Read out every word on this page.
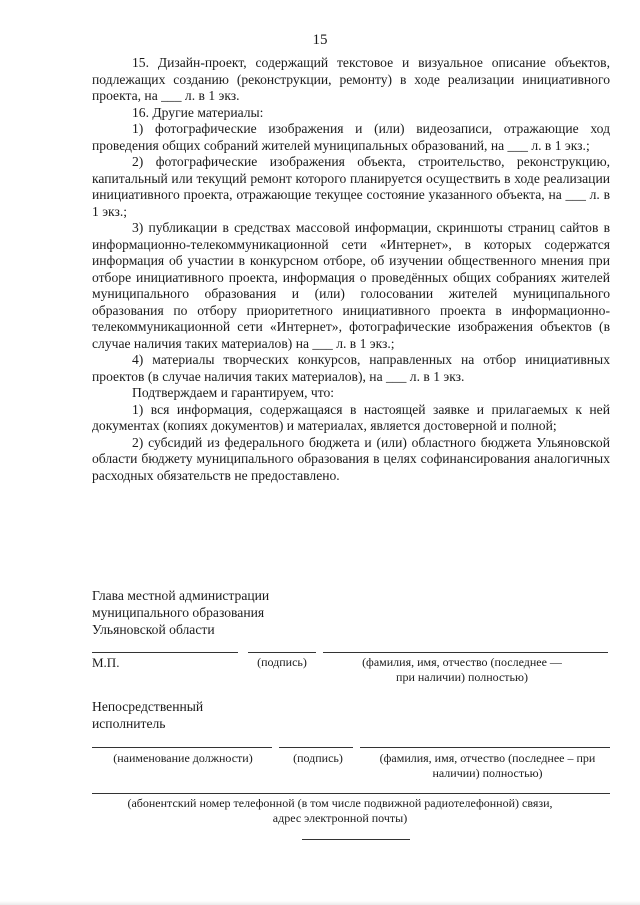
15

15. Дизайн-проект, содержащий текстовое и визуальное описание объектов, подлежащих созданию (реконструкции, ремонту) в ходе реализации инициативного проекта, на ___ л. в 1 экз.

16. Другие материалы:

1) фотографические изображения и (или) видеозаписи, отражающие ход проведения общих собраний жителей муниципальных образований, на ___ л. в 1 экз.;

2) фотографические изображения объекта, строительство, реконструкцию, капитальный или текущий ремонт которого планируется осуществить в ходе реализации инициативного проекта, отражающие текущее состояние указанного объекта, на ___ л. в 1 экз.;

3) публикации в средствах массовой информации, скриншоты страниц сайтов в информационно-телекоммуникационной сети «Интернет», в которых содержатся информация об участии в конкурсном отборе, об изучении общественного мнения при отборе инициативного проекта, информация о проведённых общих собраниях жителей муниципального образования и (или) голосовании жителей муниципального образования по отбору приоритетного инициативного проекта в информационно-телекоммуникационной сети «Интернет», фотографические изображения объектов (в случае наличия таких материалов) на ___ л. в 1 экз.;

4) материалы творческих конкурсов, направленных на отбор инициативных проектов (в случае наличия таких материалов), на ___ л. в 1 экз.

Подтверждаем и гарантируем, что:

1) вся информация, содержащаяся в настоящей заявке и прилагаемых к ней документах (копиях документов) и материалах, является достоверной и полной;

2) субсидий из федерального бюджета и (или) областного бюджета Ульяновской области бюджету муниципального образования в целях софинансирования аналогичных расходных обязательств не предоставлено.

Глава местной администрации
муниципального образования
Ульяновской области
М.П.	(подпись)	(фамилия, имя, отчество (последнее — при наличии) полностью)
Непосредственный
исполнитель
(наименование должности)	(подпись)	(фамилия, имя, отчество (последнее – при наличии) полностью)
(абонентский номер телефонной (в том числе подвижной радиотелефонной) связи, адрес электронной почты)
